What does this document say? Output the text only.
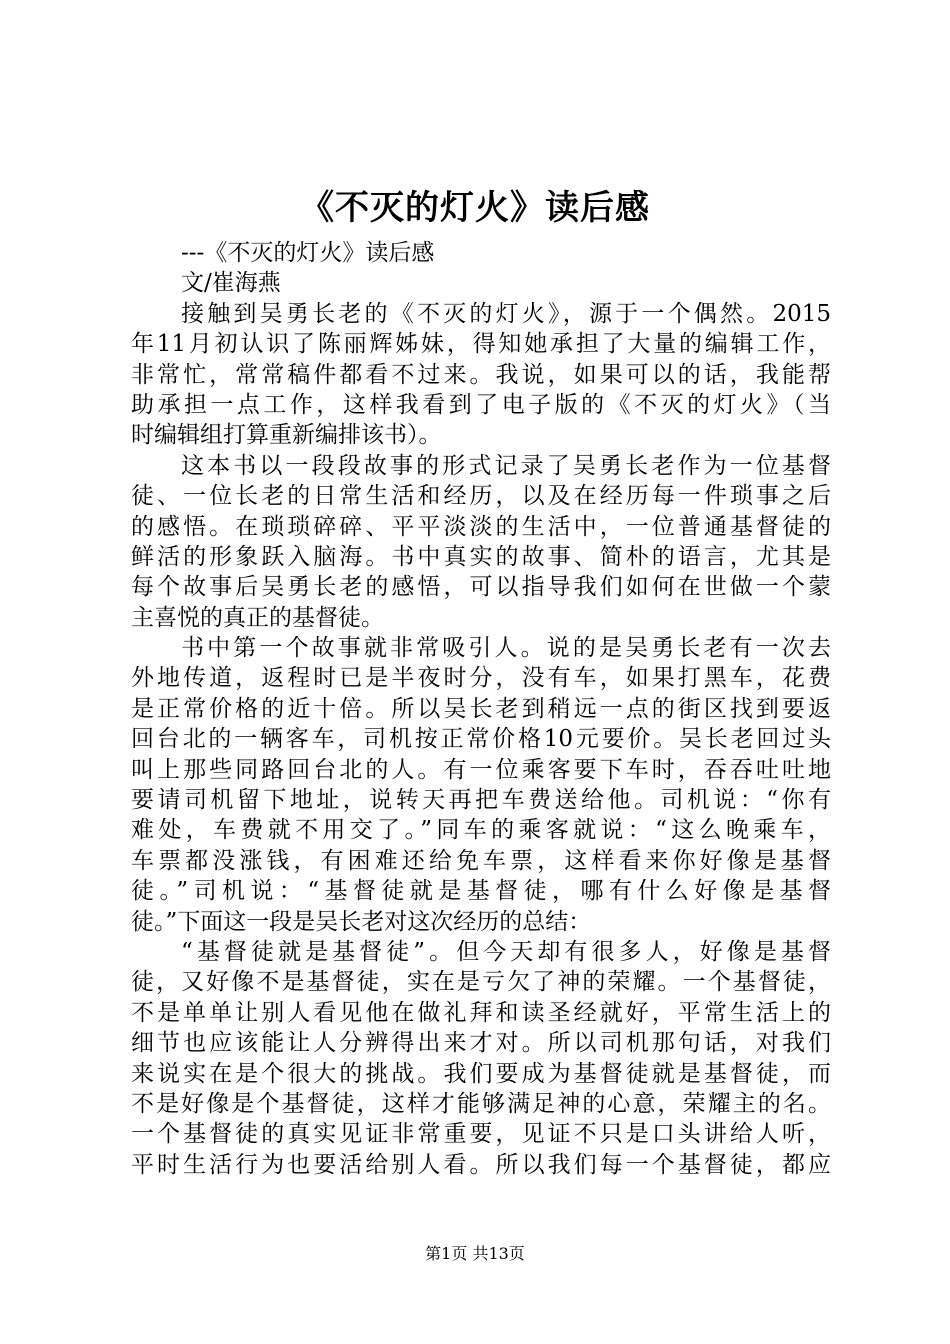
《不灭的灯火》读后感
---《不灭的灯火》读后感
文/崔海燕
接触到吴勇长老的《不灭的灯火》，源于一个偶然。2015
年11月初认识了陈丽辉姊妹，得知她承担了大量的编辑工作，
非常忙，常常稿件都看不过来。我说，如果可以的话，我能帮
助承担一点工作，这样我看到了电子版的《不灭的灯火》（当
时编辑组打算重新编排该书）。
这本书以一段段故事的形式记录了吴勇长老作为一位基督
徒、一位长老的日常生活和经历，以及在经历每一件琐事之后
的感悟。在琐琐碎碎、平平淡淡的生活中，一位普通基督徒的
鲜活的形象跃入脑海。书中真实的故事、简朴的语言，尤其是
每个故事后吴勇长老的感悟，可以指导我们如何在世做一个蒙
主喜悦的真正的基督徒。
书中第一个故事就非常吸引人。说的是吴勇长老有一次去
外地传道，返程时已是半夜时分，没有车，如果打黑车，花费
是正常价格的近十倍。所以吴长老到稍远一点的街区找到要返
回台北的一辆客车，司机按正常价格10元要价。吴长老回过头
叫上那些同路回台北的人。有一位乘客要下车时，吞吞吐吐地
要请司机留下地址，说转天再把车费送给他。司机说：“你有
难处，车费就不用交了。”同车的乘客就说：“这么晚乘车，
车票都没涨钱，有困难还给免车票，这样看来你好像是基督
徒。”司机说：“基督徒就是基督徒，哪有什么好像是基督
徒。”下面这一段是吴长老对这次经历的总结：
“基督徒就是基督徒”。但今天却有很多人，好像是基督
徒，又好像不是基督徒，实在是亏欠了神的荣耀。一个基督徒，
不是单单让别人看见他在做礼拜和读圣经就好，平常生活上的
细节也应该能让人分辨得出来才对。所以司机那句话，对我们
来说实在是个很大的挑战。我们要成为基督徒就是基督徒，而
不是好像是个基督徒，这样才能够满足神的心意，荣耀主的名。
一个基督徒的真实见证非常重要，见证不只是口头讲给人听，
平时生活行为也要活给别人看。所以我们每一个基督徒，都应
第1页 共13页
